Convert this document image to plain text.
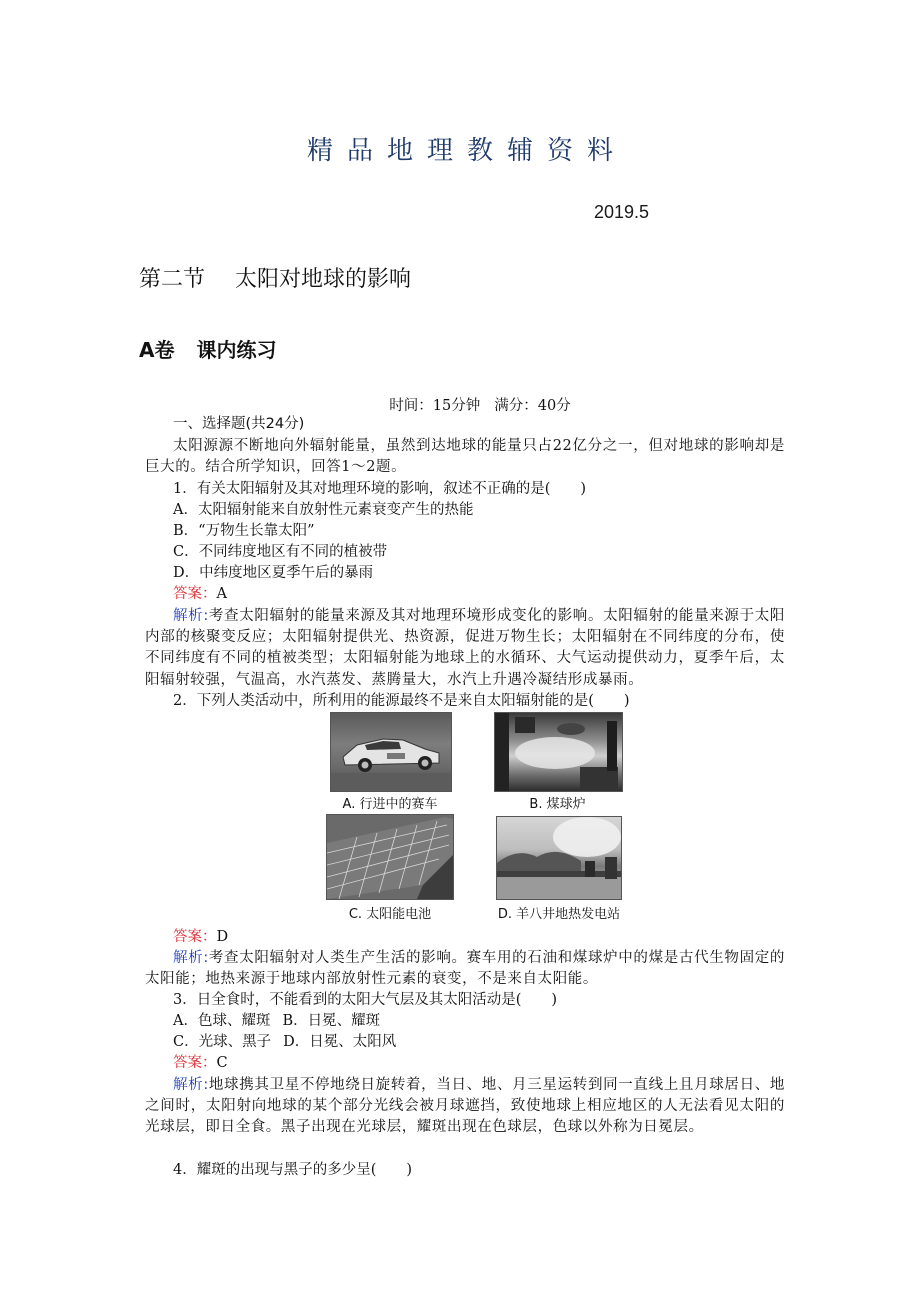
精品地理教辅资料
2019.5
第二节 太阳对地球的影响
A卷 课内练习
时间：15分钟 满分：40分
一、选择题(共24分)
太阳源源不断地向外辐射能量，虽然到达地球的能量只占22亿分之一，但对地球的影响却是巨大的。结合所学知识，回答1～2题。
1．有关太阳辐射及其对地理环境的影响，叙述不正确的是( )
A．太阳辐射能来自放射性元素衰变产生的热能
B．“万物生长靠太阳”
C．不同纬度地区有不同的植被带
D．中纬度地区夏季午后的暴雨
答案：A
解析:考查太阳辐射的能量来源及其对地理环境形成变化的影响。太阳辐射的能量来源于太阳内部的核聚变反应；太阳辐射提供光、热资源，促进万物生长；太阳辐射在不同纬度的分布，使不同纬度有不同的植被类型；太阳辐射能为地球上的水循环、大气运动提供动力，夏季午后，太阳辐射较强，气温高，水汽蒸发、蒸腾量大，水汽上升遇冷凝结形成暴雨。
2．下列人类活动中，所利用的能源最终不是来自太阳辐射能的是( )
A. 行进中的赛车	B. 煤球炉
C. 太阳能电池	D. 羊八井地热发电站
答案：D
解析:考查太阳辐射对人类生产生活的影响。赛车用的石油和煤球炉中的煤是古代生物固定的太阳能；地热来源于地球内部放射性元素的衰变，不是来自太阳能。
3．日全食时，不能看到的太阳大气层及其太阳活动是( )
A．色球、耀斑 B．日冕、耀斑
C．光球、黑子 D．日冕、太阳风
答案：C
解析:地球携其卫星不停地绕日旋转着，当日、地、月三星运转到同一直线上且月球居日、地之间时，太阳射向地球的某个部分光线会被月球遮挡，致使地球上相应地区的人无法看见太阳的光球层，即日全食。黑子出现在光球层，耀斑出现在色球层，色球以外称为日冕层。
4．耀斑的出现与黑子的多少呈( )
